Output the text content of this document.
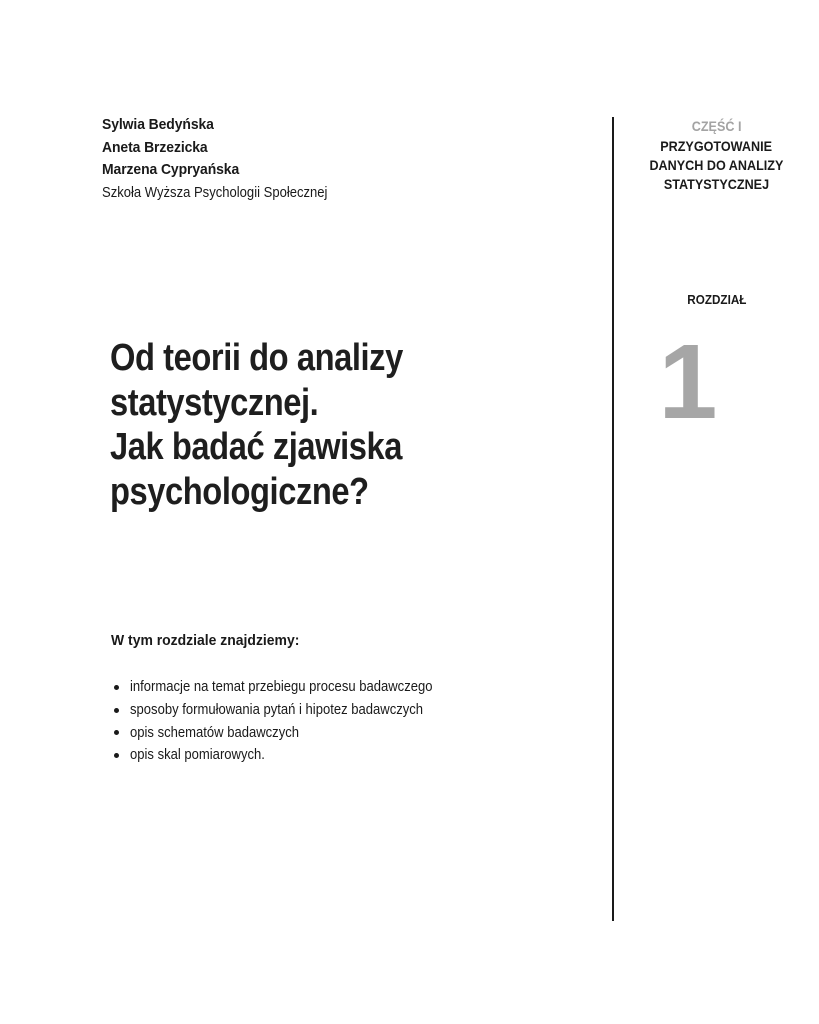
Sylwia Bedyńska
Aneta Brzezicka
Marzena Cypryańska
Szkoła Wyższa Psychologii Społecznej
Od teorii do analizy
statystycznej.
Jak badać zjawiska
psychologiczne?
W tym rozdziale znajdziemy:
informacje na temat przebiegu procesu badawczego
sposoby formułowania pytań i hipotez badawczych
opis schematów badawczych
opis skal pomiarowych.
CZĘŚĆ I
PRZYGOTOWANIE
DANYCH DO ANALIZY
STATYSTYCZNEJ
ROZDZIAŁ
1
